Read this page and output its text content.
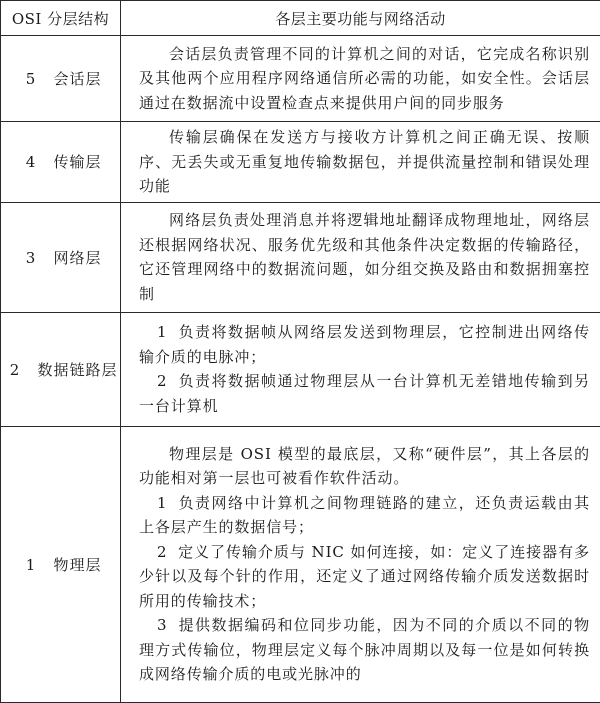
OSI 分层结构	各层主要功能与网络活动
5 会话层	会话层负责管理不同的计算机之间的对话，它完成名称识别及其他两个应用程序网络通信所必需的功能，如安全性。会话层通过在数据流中设置检查点来提供用户间的同步服务

4 传输层	传输层确保在发送方与接收方计算机之间正确无误、按顺序、无丢失或无重复地传输数据包，并提供流量控制和错误处理功能

3 网络层	网络层负责处理消息并将逻辑地址翻译成物理地址，网络层还根据网络状况、服务优先级和其他条件决定数据的传输路径，它还管理网络中的数据流问题，如分组交换及路由和数据拥塞控制

2 数据链路层	1 负责将数据帧从网络层发送到物理层，它控制进出网络传输介质的电脉冲；

2 负责将数据帧通过物理层从一台计算机无差错地传输到另一台计算机

1 物理层	物理层是 OSI 模型的最底层，又称“硬件层”，其上各层的功能相对第一层也可被看作软件活动。

1 负责网络中计算机之间物理链路的建立，还负责运载由其上各层产生的数据信号；

2 定义了传输介质与 NIC 如何连接，如：定义了连接器有多少针以及每个针的作用，还定义了通过网络传输介质发送数据时所用的传输技术；

3 提供数据编码和位同步功能，因为不同的介质以不同的物理方式传输位，物理层定义每个脉冲周期以及每一位是如何转换成网络传输介质的电或光脉冲的
